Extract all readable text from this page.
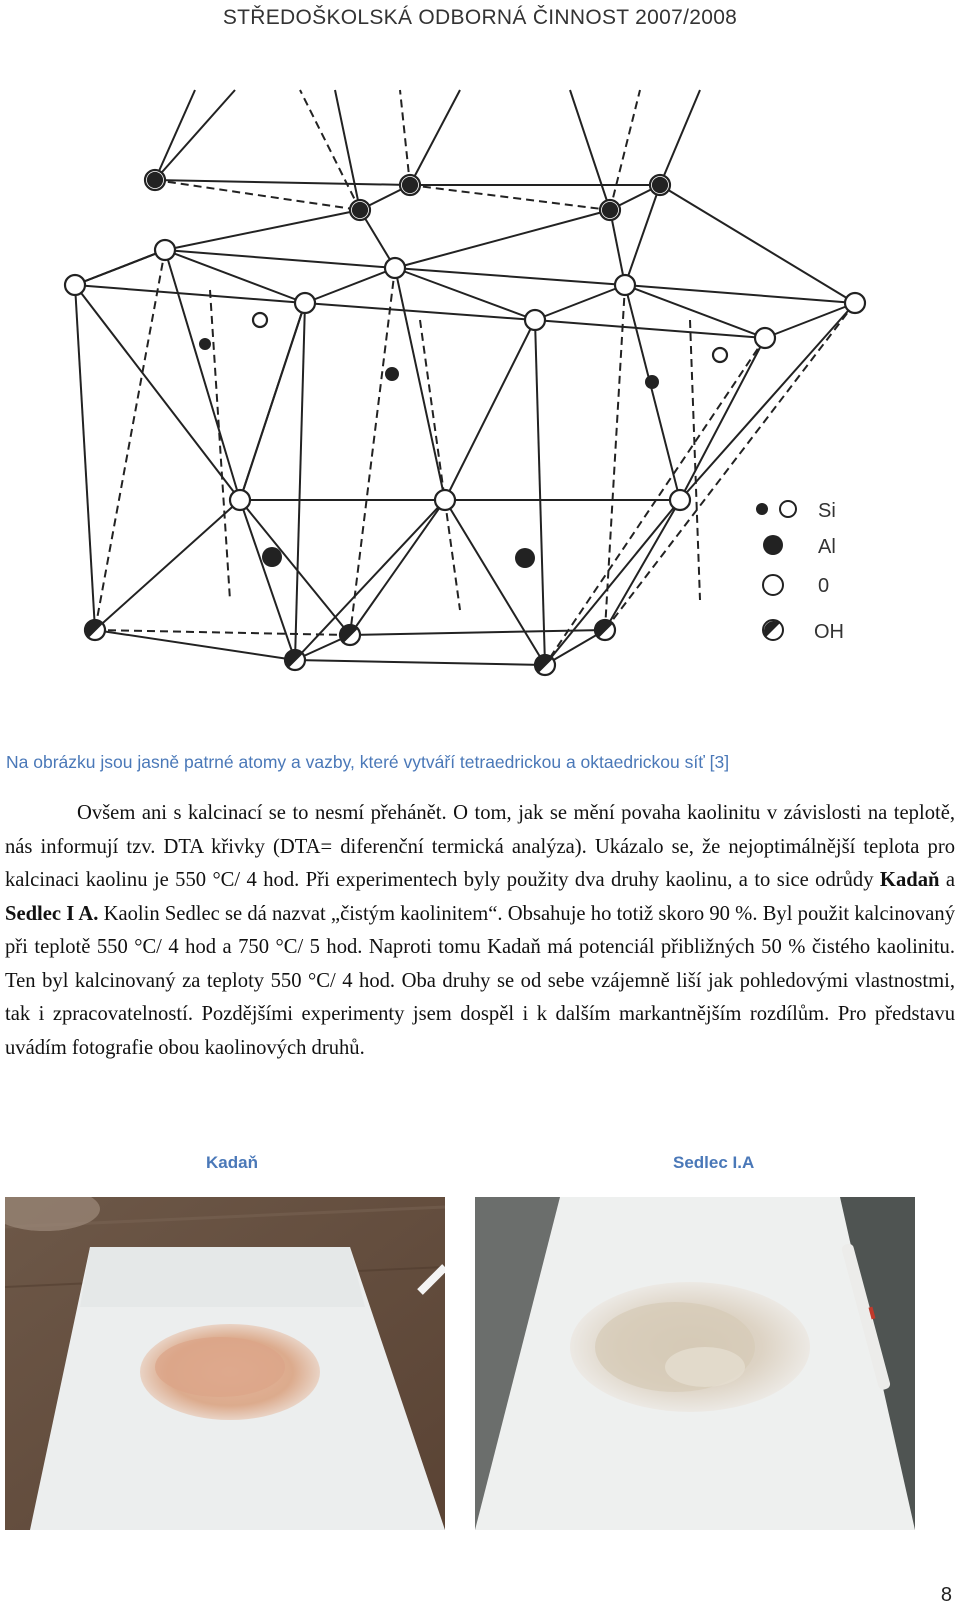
STŘEDOŠKOLSKÁ ODBORNÁ ČINNOST 2007/2008
Si
Al
0
OH
Na obrázku jsou jasně patrné atomy a vazby, které vytváří tetraedrickou a oktaedrickou síť [3]

Ovšem ani s kalcinací se to nesmí přehánět. O tom, jak se mění povaha kaolinitu v závislosti na teplotě, nás informují tzv. DTA křivky (DTA= diferenční termická analýza). Ukázalo se, že nejoptimálnější teplota pro kalcinaci kaolinu je 550 °C/ 4 hod. Při experimentech byly použity dva druhy kaolinu, a to sice odrůdy Kadaň a Sedlec I A. Kaolin Sedlec se dá nazvat „čistým kaolinitem“. Obsahuje ho totiž skoro 90 %. Byl použit kalcinovaný při teplotě 550 °C/ 4 hod a 750 °C/ 5 hod. Naproti tomu Kadaň má potenciál přibližných 50 % čistého kaolinitu. Ten byl kalcinovaný za teploty 550 °C/ 4 hod. Oba druhy se od sebe vzájemně liší jak pohledovými vlastnostmi, tak i zpracovatelností. Pozdějšími experimenty jsem dospěl i k dalším markantnějším rozdílům. Pro představu uvádím fotografie obou kaolinových druhů.

Kadaň	Sedlec I.A
8
